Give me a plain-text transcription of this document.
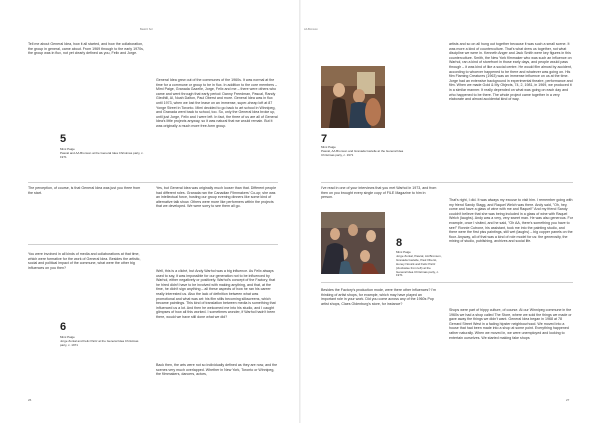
Beatriz Sol

Tell me about General Idea, how it all started, and how the collaboration, the group in general, came about. From 1969 through to the early 1970s, the group was in flux, not yet clearly defined as you, Felix and Jorge.

General Idea grew out of the communes of the 1960s. It was normal at the time for a commune or group to be in flux. In addition to the core members – Mimi Paige, Granada Gazelle, Jorge, Felix and me – there were others who came and went through that early period: Danny Freedman, Pascal, Randy Gledhill, Al, Noah Dalton, Paul Oberst and more. General Idea was in flux until 1973, when we lost the lease on an immense, super-cheap loft at 87 Yonge Street in Toronto. Mimi decided to go back to art school in Winnipeg, and Granada went back to school, too. So, only the General Idea broke up, until just Jorge, Felix and I were left. In fact, the three of us are all of General Idea's little projects anyway, so it was natural that we would remain. But it was originally a much more free-form group.

5
Mimi Paige
Pascal and AA Bronson at the General Idea Christmas party, c. 1971

The perception, of course, is that General Idea was just you three from the start.

Yes, but General Idea was originally much looser than that. Different people had different roles. Granada ran the Canadian Filmmakers' Co-op; she was an intellectual force, hosting our group evening dinners like some kind of alternative talk show. Others were more like performers within the projects that we developed. We were sorry to see them all go.

You were involved in all kinds of media and collaborations at that time, which were formative for the work of General Idea. Besides the artistic, social and political impact of the commune, what were the other big influences on you then?

Well, this is a cliché, but Andy Warhol was a big influence. As Felix always used to say, it was impossible for our generation not to be influenced by Warhol, either negatively or positively. Warhol's concept of the Factory, that he hired didn't have to be involved with making anything, and that, at the time, he didn't sign anything – all these aspects of how he ran his career really interested us. Also the lack of definition between what was promotional and what was art: his film stills becoming silkscreens, which became paintings. This kind of translation between media is something that influenced us a lot. And then he welcomed me into his studio, and I caught glimpses of how all this worked. I sometimes wonder, if Warhol hadn't been there, would we have still done what we did?

Back then, the arts were not so individually defined as they are now, and the scenes very much overlapped. Whether in New York, Toronto or Winnipeg, the filmmakers, dancers, actors,

6
Mimi Paige
Jorge Zontal and Felix Partz at the General Idea Christmas party, c. 1971
26
AA Bronson
7
Mimi Paige
Pascal, AA Bronson and Granada Gazelle at the General Idea Christmas party, c. 1971

artists and so on all hung out together because it was such a small scene. It was more a kind of counterculture. That's what drew us together, not what discipline we were in. Kenneth Anger and Jack Smith were key figures in this counterculture. Smith, the New York filmmaker who was such an influence on Warhol, ran a kind of storefront in those early days, and people would pass through – it was kind of like a social centre. He would film almost by accident, according to whoever happened to be there and whatever was going on. His film Flaming Creatures (1963) was an immense influence on us at the time. Jorge had an extensive background in experimental theatre, performance and film. When we made Gold & My Objects, 74, 2, 1981, in 1969, we produced it in a similar manner. It really depended on what was going on each day and who happened to be there. The whole project came together in a very elaborate and almost accidental kind of way.

I've read in one of your interviews that you met Warhol in 1973, and from then on you brought every single copy of FILE Magazine to him in person.

That's right, I did. It was always my excuse to visit him. I remember going with my friend Sandy Stagg, and Raquel Welch was there. Andy said, "Oh, hey, come and have a glass of wine with me and Raquel!" And my friend Sandy couldn't believe that she was being included in a glass of wine with Raquel Welch (laughs). Andy was a very, very sweet man. He was also generous. For example, once I visited, and he said, "Oh AA, there's something you have to see!" Ronnie Cutrone, his assistant, took me into the painting studio, and there were the first piss paintings, still wet (laughs) – big copper panels on the floor. Anyway, all of that was a kind of role model for us: the generosity, the mixing of studio, publishing, archives and social life.

8
Mimi Paige
Jorge Zontal, Pascal, AA Bronson, Granada Gazelle, Paul Oberst, Honey Novick and Felix Partz (clockwise from left) at the General Idea Christmas party, c. 1971

Besides the Factory's production mode, were there other influences? I'm thinking of artist shops, for example, which may have played an important role in your work. Did you come across any of the 1960s Pop artist shops, Claes Oldenburg's store, for instance?

Shops were part of hippy culture, of course. At our Winnipeg commune in the 1960s we had a shop called The Store, where we sold the things we made or gave away the things we didn't want. General Idea began in 1968 at 78 Gerrard Street West in a fading hipster neighbourhood. We moved into a house that had been made into a shop at some point. Everything happened rather naturally. When we moved in, we were unemployed and looking to entertain ourselves. We started making fake shops

27
